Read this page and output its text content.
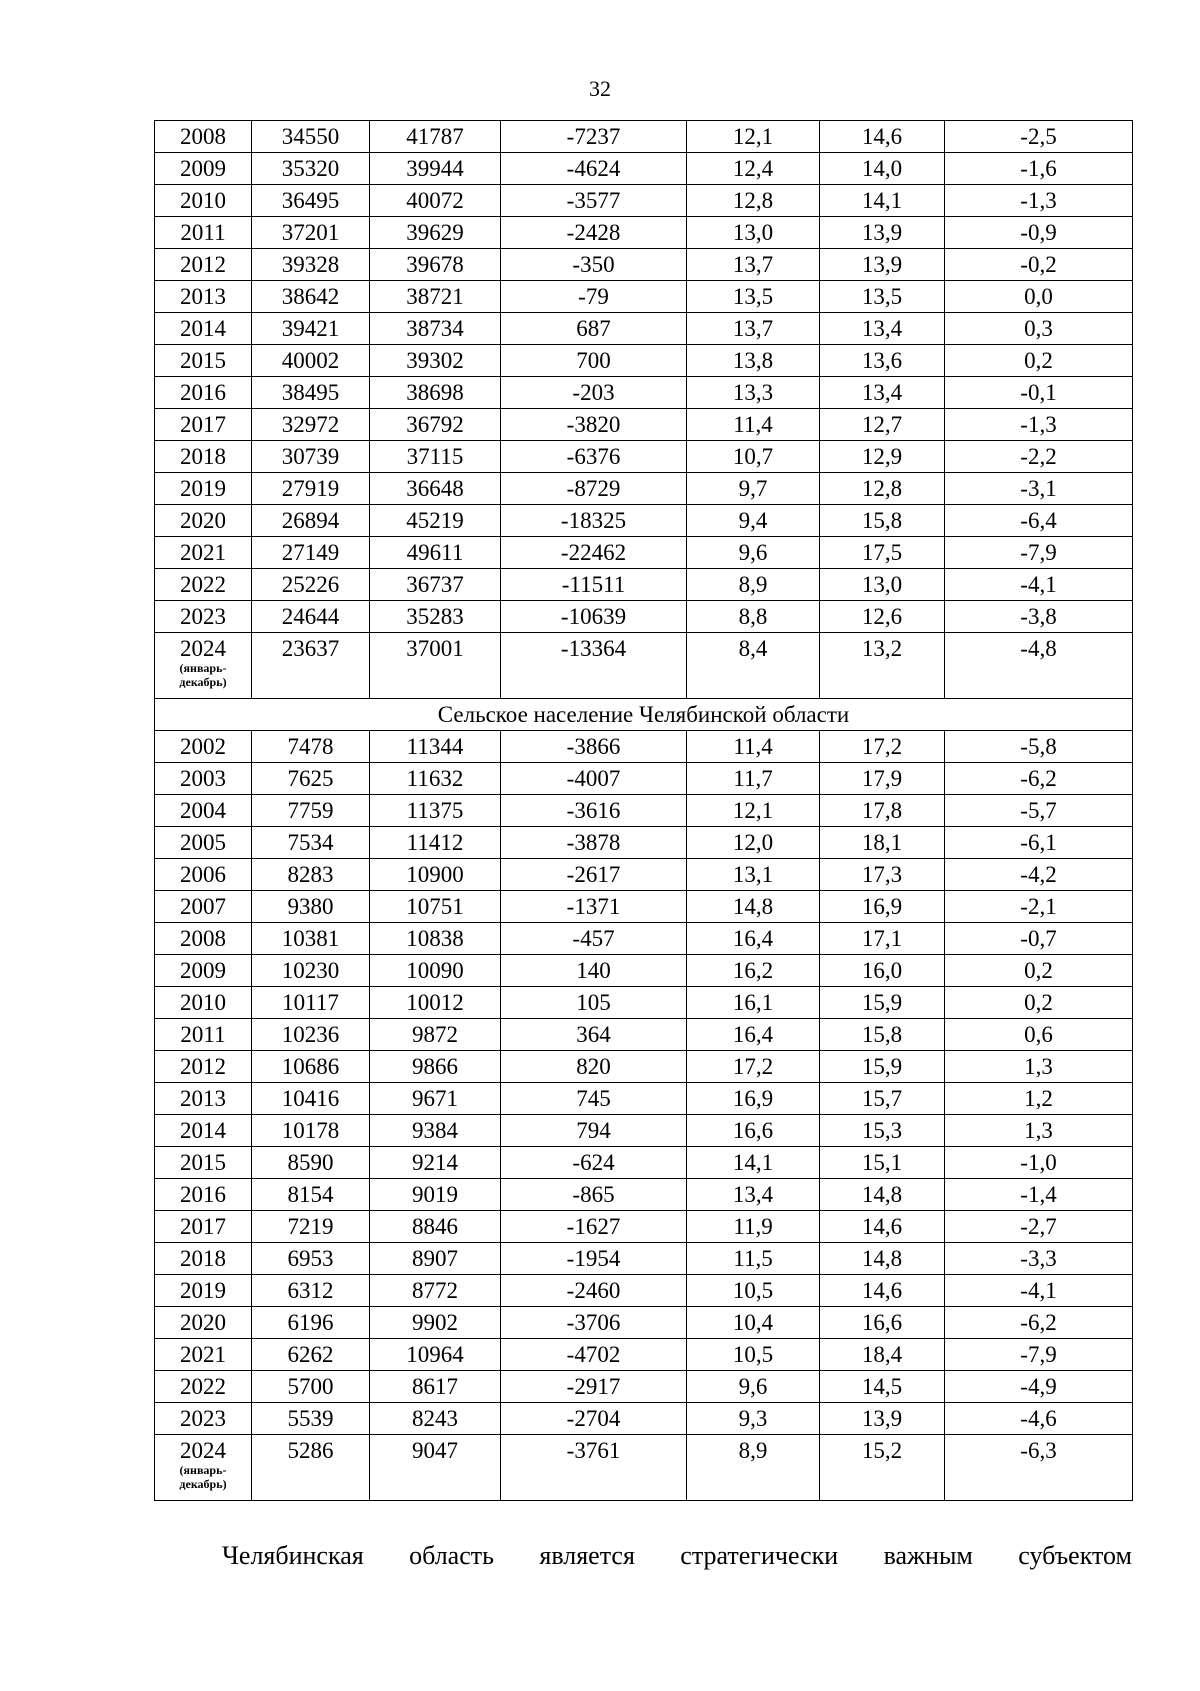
32
2008	34550	41787	-7237	12,1	14,6	-2,5
2009	35320	39944	-4624	12,4	14,0	-1,6
2010	36495	40072	-3577	12,8	14,1	-1,3
2011	37201	39629	-2428	13,0	13,9	-0,9
2012	39328	39678	-350	13,7	13,9	-0,2
2013	38642	38721	-79	13,5	13,5	0,0
2014	39421	38734	687	13,7	13,4	0,3
2015	40002	39302	700	13,8	13,6	0,2
2016	38495	38698	-203	13,3	13,4	-0,1
2017	32972	36792	-3820	11,4	12,7	-1,3
2018	30739	37115	-6376	10,7	12,9	-2,2
2019	27919	36648	-8729	9,7	12,8	-3,1
2020	26894	45219	-18325	9,4	15,8	-6,4
2021	27149	49611	-22462	9,6	17,5	-7,9
2022	25226	36737	-11511	8,9	13,0	-4,1
2023	24644	35283	-10639	8,8	12,6	-3,8

2024
(январь-
декабрь)	23637	37001	-13364	8,4	13,2	-4,8
Сельское население Челябинской области						
2002	7478	11344	-3866	11,4	17,2	-5,8
2003	7625	11632	-4007	11,7	17,9	-6,2
2004	7759	11375	-3616	12,1	17,8	-5,7
2005	7534	11412	-3878	12,0	18,1	-6,1
2006	8283	10900	-2617	13,1	17,3	-4,2
2007	9380	10751	-1371	14,8	16,9	-2,1
2008	10381	10838	-457	16,4	17,1	-0,7
2009	10230	10090	140	16,2	16,0	0,2
2010	10117	10012	105	16,1	15,9	0,2
2011	10236	9872	364	16,4	15,8	0,6
2012	10686	9866	820	17,2	15,9	1,3
2013	10416	9671	745	16,9	15,7	1,2
2014	10178	9384	794	16,6	15,3	1,3
2015	8590	9214	-624	14,1	15,1	-1,0
2016	8154	9019	-865	13,4	14,8	-1,4
2017	7219	8846	-1627	11,9	14,6	-2,7
2018	6953	8907	-1954	11,5	14,8	-3,3
2019	6312	8772	-2460	10,5	14,6	-4,1
2020	6196	9902	-3706	10,4	16,6	-6,2
2021	6262	10964	-4702	10,5	18,4	-7,9
2022	5700	8617	-2917	9,6	14,5	-4,9
2023	5539	8243	-2704	9,3	13,9	-4,6

2024
(январь-
декабрь)	5286	9047	-3761	8,9	15,2	-6,3
Челябинская область является стратегически важным субъектом
